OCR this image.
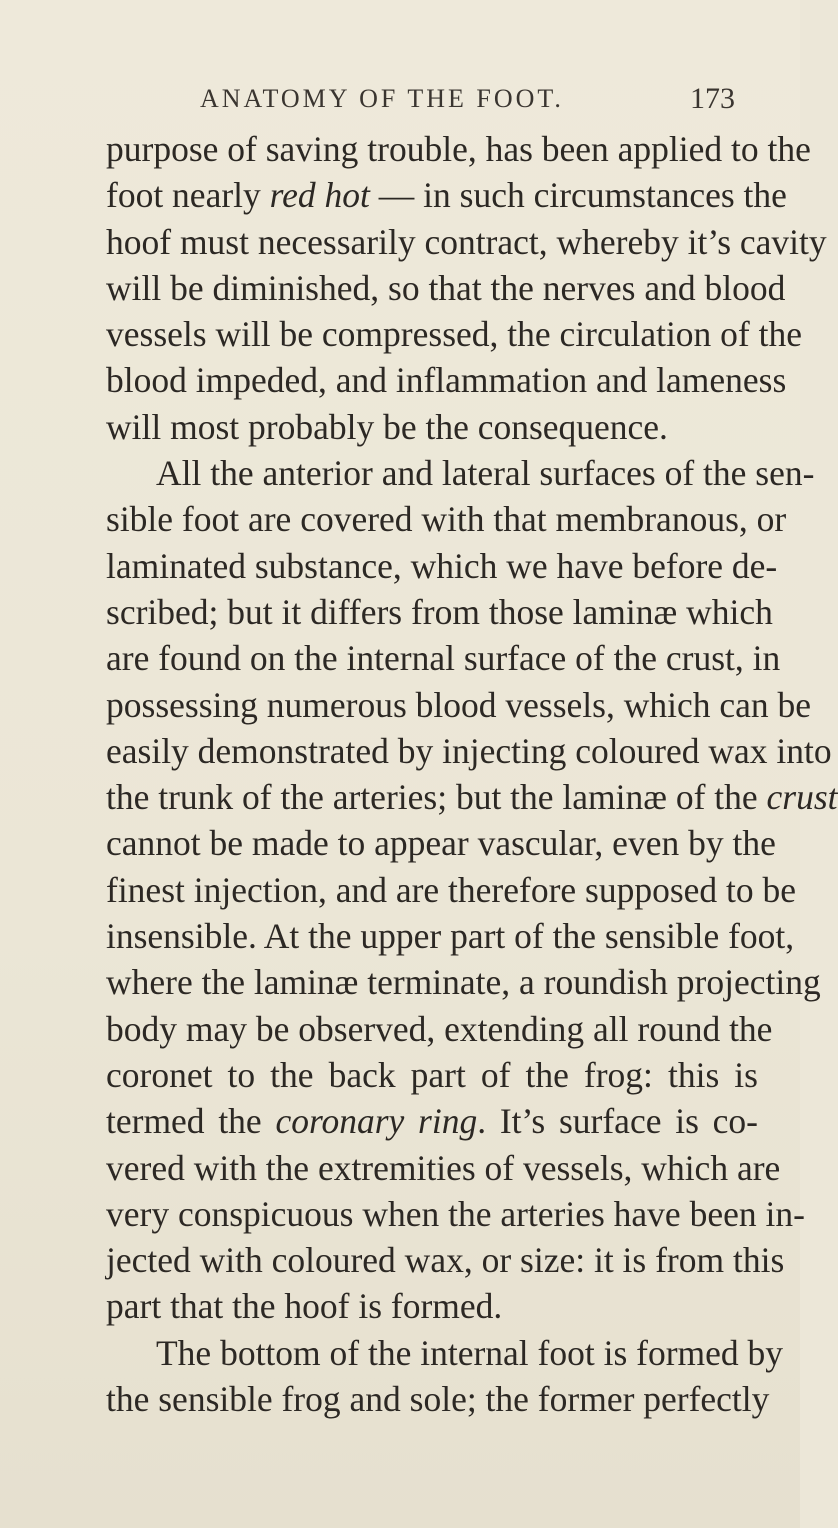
ANATOMY OF THE FOOT.	173
purpose of saving trouble, has been applied to the
foot nearly red hot — in such circumstances the
hoof must necessarily contract, whereby it’s cavity
will be diminished, so that the nerves and blood
vessels will be compressed, the circulation of the
blood impeded, and inflammation and lameness
will most probably be the consequence.
All the anterior and lateral surfaces of the sen-
sible foot are covered with that membranous, or
laminated substance, which we have before de-
scribed; but it differs from those laminæ which
are found on the internal surface of the crust, in
possessing numerous blood vessels, which can be
easily demonstrated by injecting coloured wax into
the trunk of the arteries; but the laminæ of the crust
cannot be made to appear vascular, even by the
finest injection, and are therefore supposed to be
insensible. At the upper part of the sensible foot,
where the laminæ terminate, a roundish projecting
body may be observed, extending all round the
coronet to the back part of the frog: this is
termed the coronary ring. It’s surface is co-
vered with the extremities of vessels, which are
very conspicuous when the arteries have been in-
jected with coloured wax, or size: it is from this
part that the hoof is formed.
The bottom of the internal foot is formed by
the sensible frog and sole; the former perfectly
